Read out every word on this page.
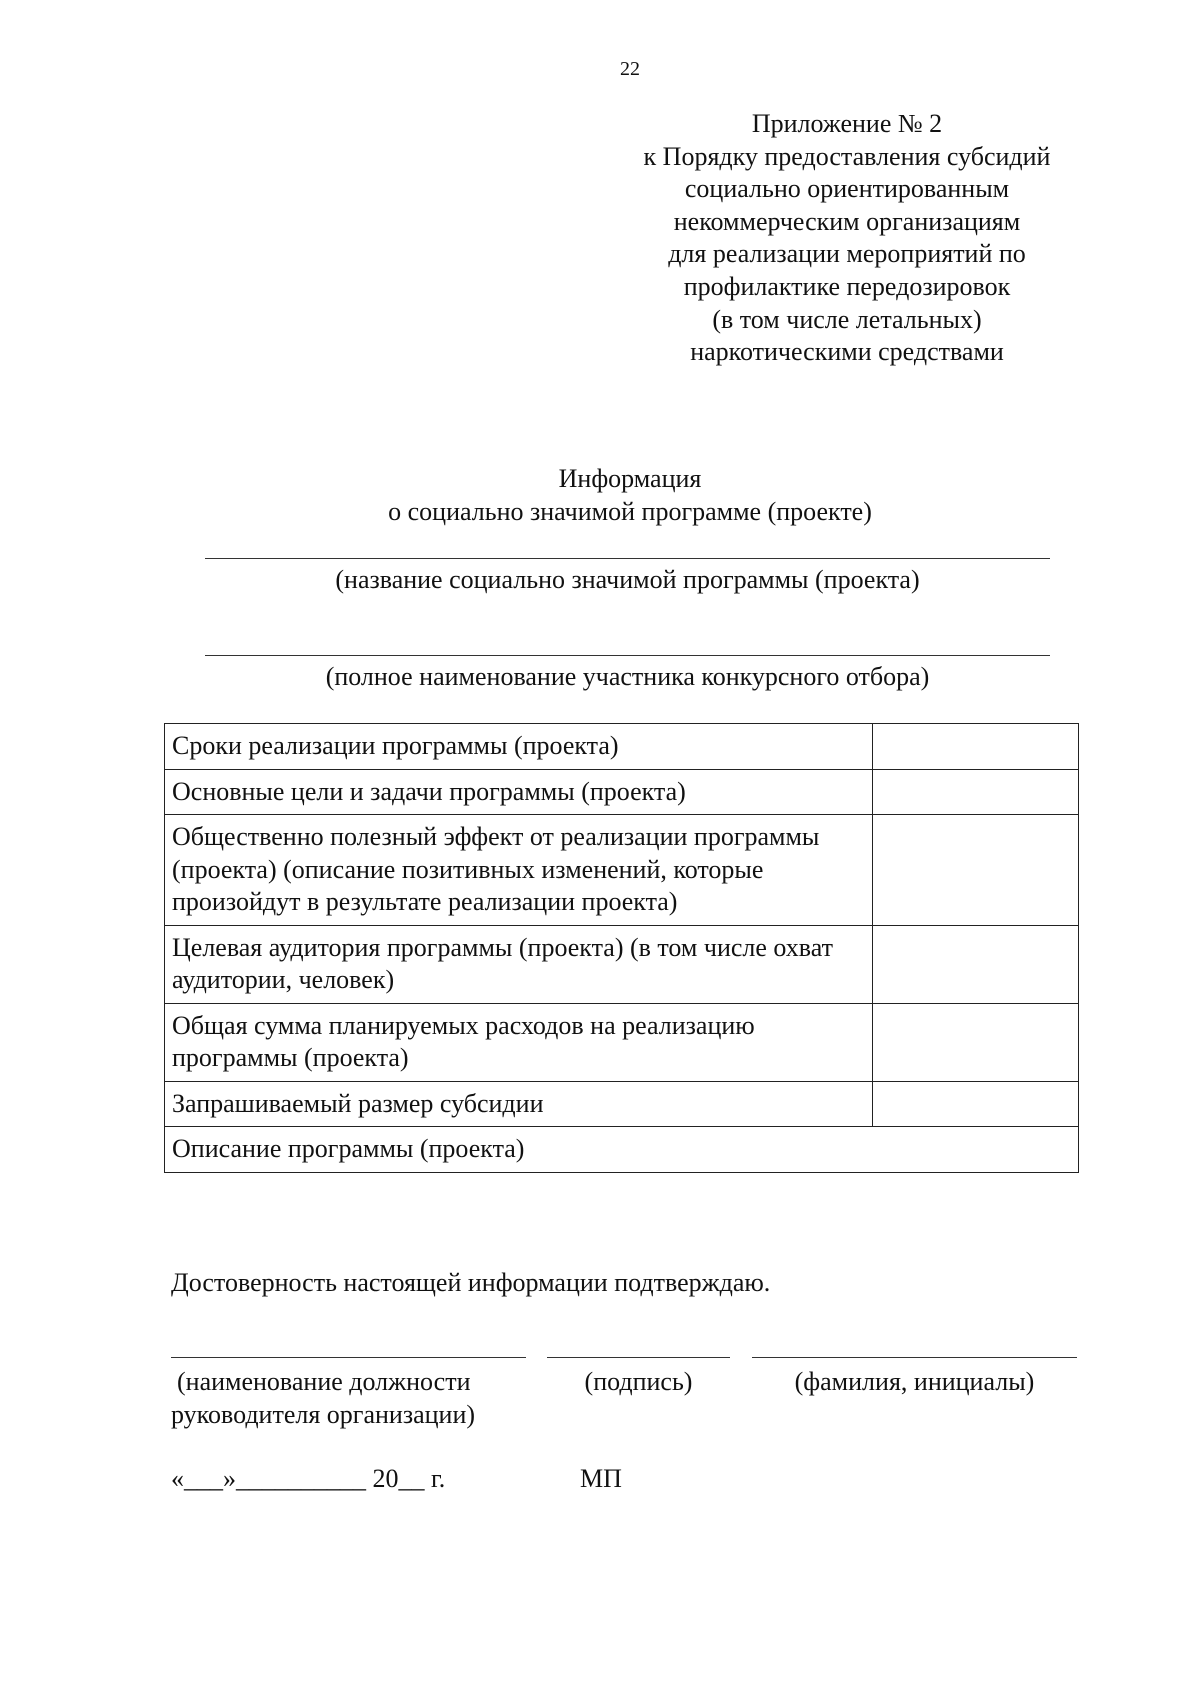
22
Приложение № 2
к Порядку предоставления субсидий
социально ориентированным
некоммерческим организациям
для реализации мероприятий по
профилактике передозировок
(в том числе летальных)
наркотическими средствами
Информация
о социально значимой программе (проекте)
(название социально значимой программы (проекта)
(полное наименование участника конкурсного отбора)
Сроки реализации программы (проекта)	
Основные цели и задачи программы (проекта)	
Общественно полезный эффект от реализации программы (проекта) (описание позитивных изменений, которые произойдут в результате реализации проекта)	
Целевая аудитория программы (проекта) (в том числе охват аудитории, человек)	
Общая сумма планируемых расходов на реализацию программы (проекта)	
Запрашиваемый размер субсидии	
Описание программы (проекта)	
Достоверность настоящей информации подтверждаю.
(наименование должности
руководителя организации)
(подпись)	(фамилия, инициалы)
«___»__________ 20__ г.	МП
